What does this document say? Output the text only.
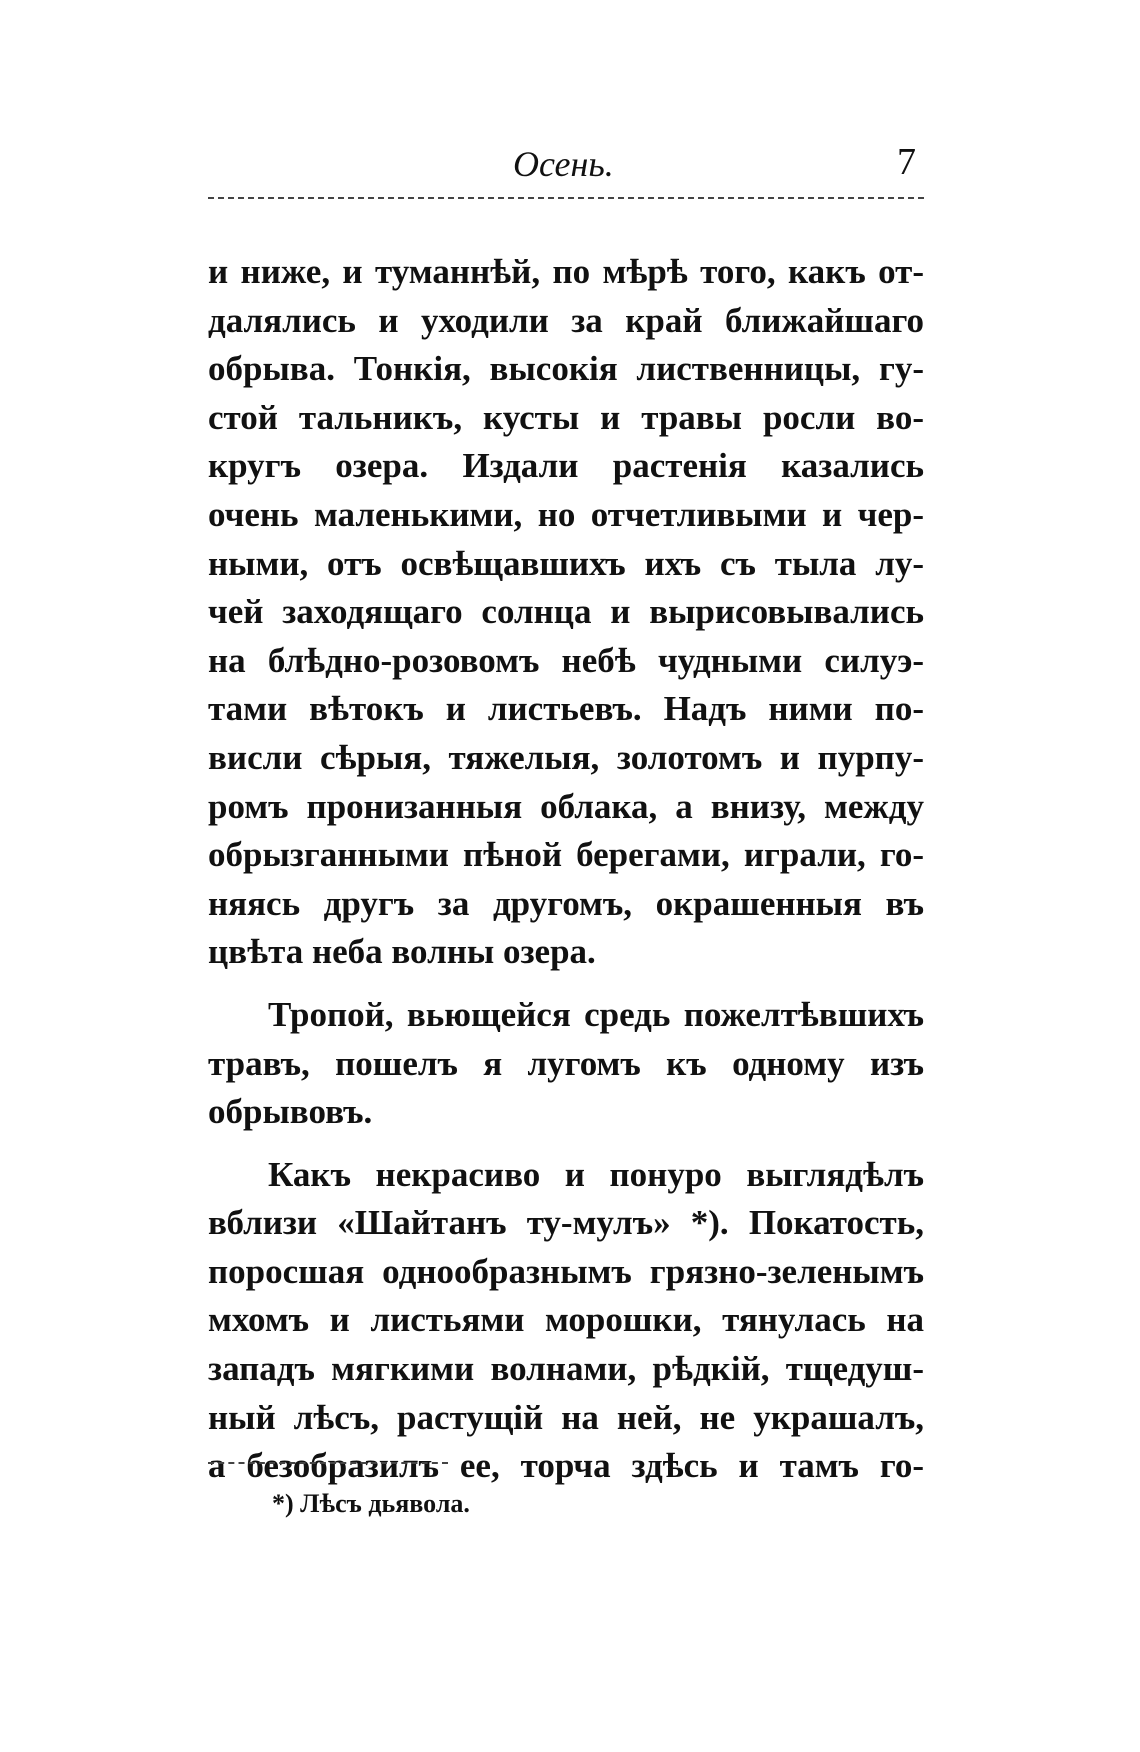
Осень.	7
и ниже, и туманнѣй, по мѣрѣ того, какъ от-
далялись и уходили за край ближайшаго
обрыва. Тонкія, высокія лиственницы, гу-
стой тальникъ, кусты и травы росли во-
кругъ озера. Издали растенія казались
очень маленькими, но отчетливыми и чер-
ными, отъ освѣщавшихъ ихъ съ тыла лу-
чей заходящаго солнца и вырисовывались
на блѣдно-розовомъ небѣ чудными силуэ-
тами вѣтокъ и листьевъ. Надъ ними по-
висли сѣрыя, тяжелыя, золотомъ и пурпу-
ромъ пронизанныя облака, а внизу, между
обрызганными пѣной берегами, играли, го-
няясь другъ за другомъ, окрашенныя въ
цвѣта неба волны озера.
Тропой, вьющейся средь пожелтѣвшихъ
травъ, пошелъ я лугомъ къ одному изъ
обрывовъ.
Какъ некрасиво и понуро выглядѣлъ
вблизи «Шайтанъ ту-мулъ» *). Покатость,
поросшая однообразнымъ грязно-зеленымъ
мхомъ и листьями морошки, тянулась на
западъ мягкими волнами, рѣдкій, тщедуш-
ный лѣсъ, растущій на ней, не украшалъ,
а безобразилъ ее, торча здѣсь и тамъ го-
*) Лѣсъ дьявола.
